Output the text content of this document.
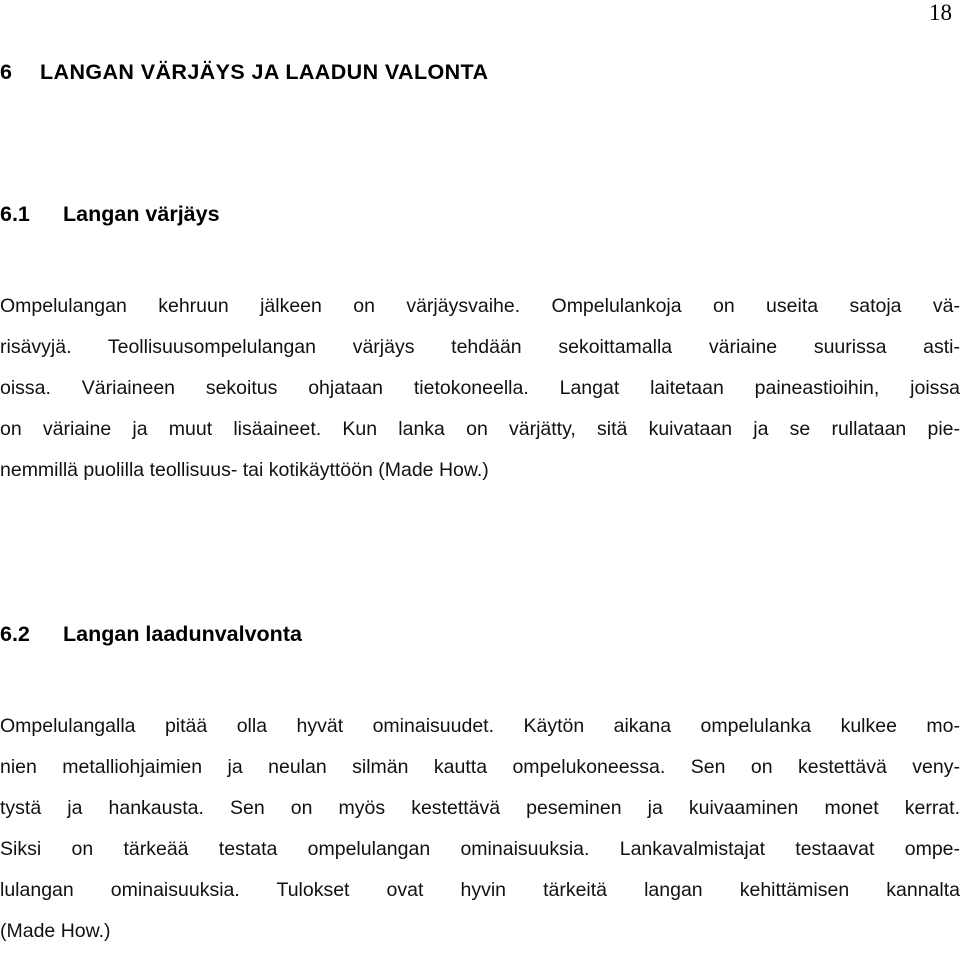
18
6 LANGAN VÄRJÄYS JA LAADUN VALONTA
6.1 Langan värjäys
Ompelulangan kehruun jälkeen on värjäysvaihe. Ompelulankoja on useita satoja vä-
risävyjä. Teollisuusompelulangan värjäys tehdään sekoittamalla väriaine suurissa asti-
oissa. Väriaineen sekoitus ohjataan tietokoneella. Langat laitetaan paineastioihin, joissa
on väriaine ja muut lisäaineet. Kun lanka on värjätty, sitä kuivataan ja se rullataan pie-
nemmillä puolilla teollisuus- tai kotikäyttöön (Made How.)
6.2 Langan laadunvalvonta
Ompelulangalla pitää olla hyvät ominaisuudet. Käytön aikana ompelulanka kulkee mo-
nien metalliohjaimien ja neulan silmän kautta ompelukoneessa. Sen on kestettävä veny-
tystä ja hankausta. Sen on myös kestettävä peseminen ja kuivaaminen monet kerrat.
Siksi on tärkeää testata ompelulangan ominaisuuksia. Lankavalmistajat testaavat ompe-
lulangan ominaisuuksia. Tulokset ovat hyvin tärkeitä langan kehittämisen kannalta
(Made How.)
